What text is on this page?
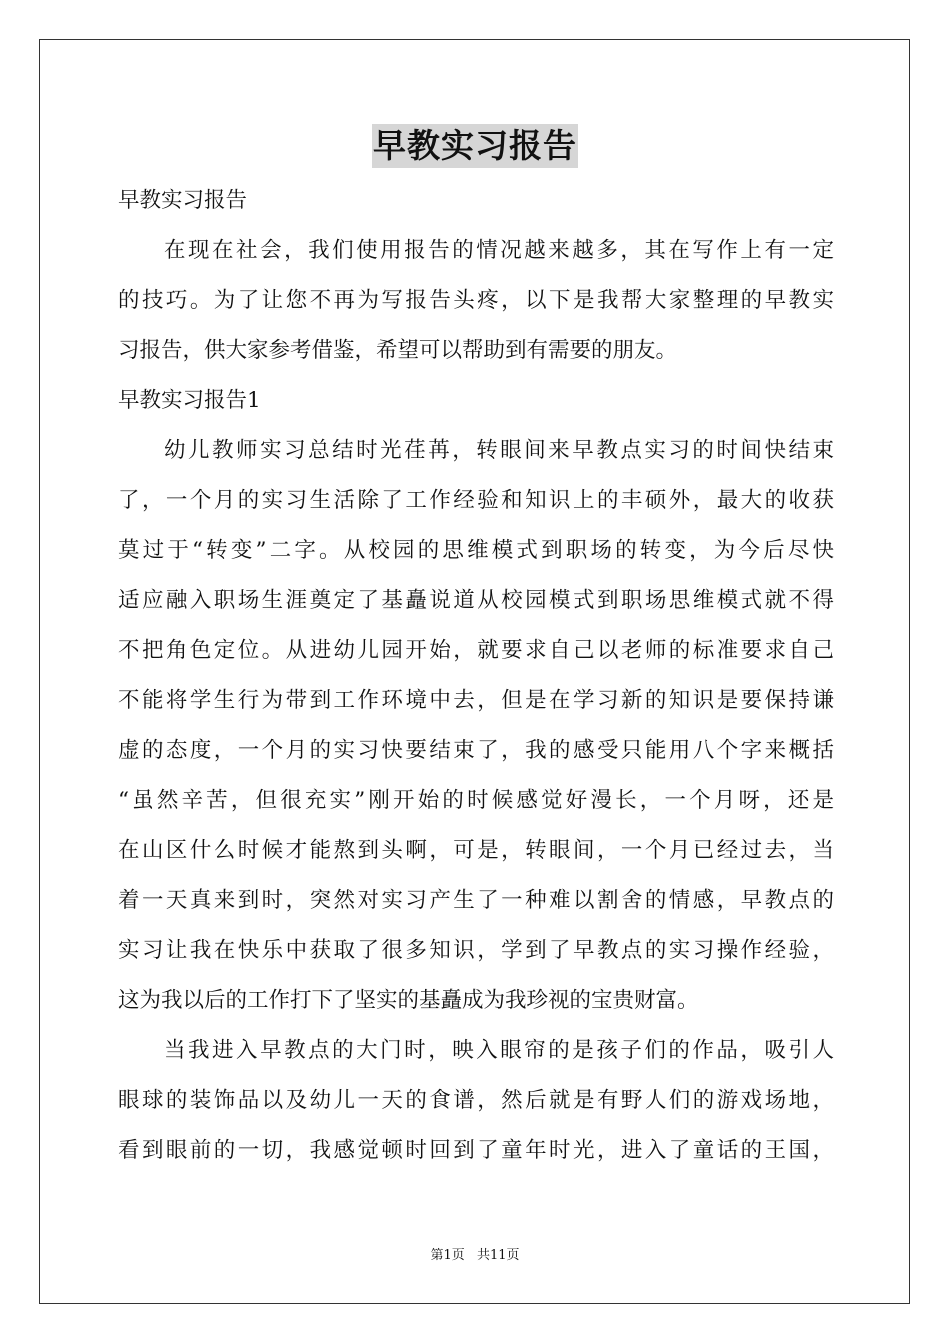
早教实习报告
早教实习报告
在现在社会，我们使用报告的情况越来越多，其在写作上有一定
的技巧。为了让您不再为写报告头疼，以下是我帮大家整理的早教实
习报告，供大家参考借鉴，希望可以帮助到有需要的朋友。
早教实习报告1
幼儿教师实习总结时光荏苒，转眼间来早教点实习的时间快结束
了，一个月的实习生活除了工作经验和知识上的丰硕外，最大的收获
莫过于“转变”二字。从校园的思维模式到职场的转变，为今后尽快
适应融入职场生涯奠定了基矗说道从校园模式到职场思维模式就不得
不把角色定位。从进幼儿园开始，就要求自己以老师的标准要求自己
不能将学生行为带到工作环境中去，但是在学习新的知识是要保持谦
虚的态度，一个月的实习快要结束了，我的感受只能用八个字来概括
“虽然辛苦，但很充实”刚开始的时候感觉好漫长，一个月呀，还是
在山区什么时候才能熬到头啊，可是，转眼间，一个月已经过去，当
着一天真来到时，突然对实习产生了一种难以割舍的情感，早教点的
实习让我在快乐中获取了很多知识，学到了早教点的实习操作经验，
这为我以后的工作打下了坚实的基矗成为我珍视的宝贵财富。
当我进入早教点的大门时，映入眼帘的是孩子们的作品，吸引人
眼球的装饰品以及幼儿一天的食谱，然后就是有野人们的游戏场地，
看到眼前的一切，我感觉顿时回到了童年时光，进入了童话的王国，
第1页 共11页
